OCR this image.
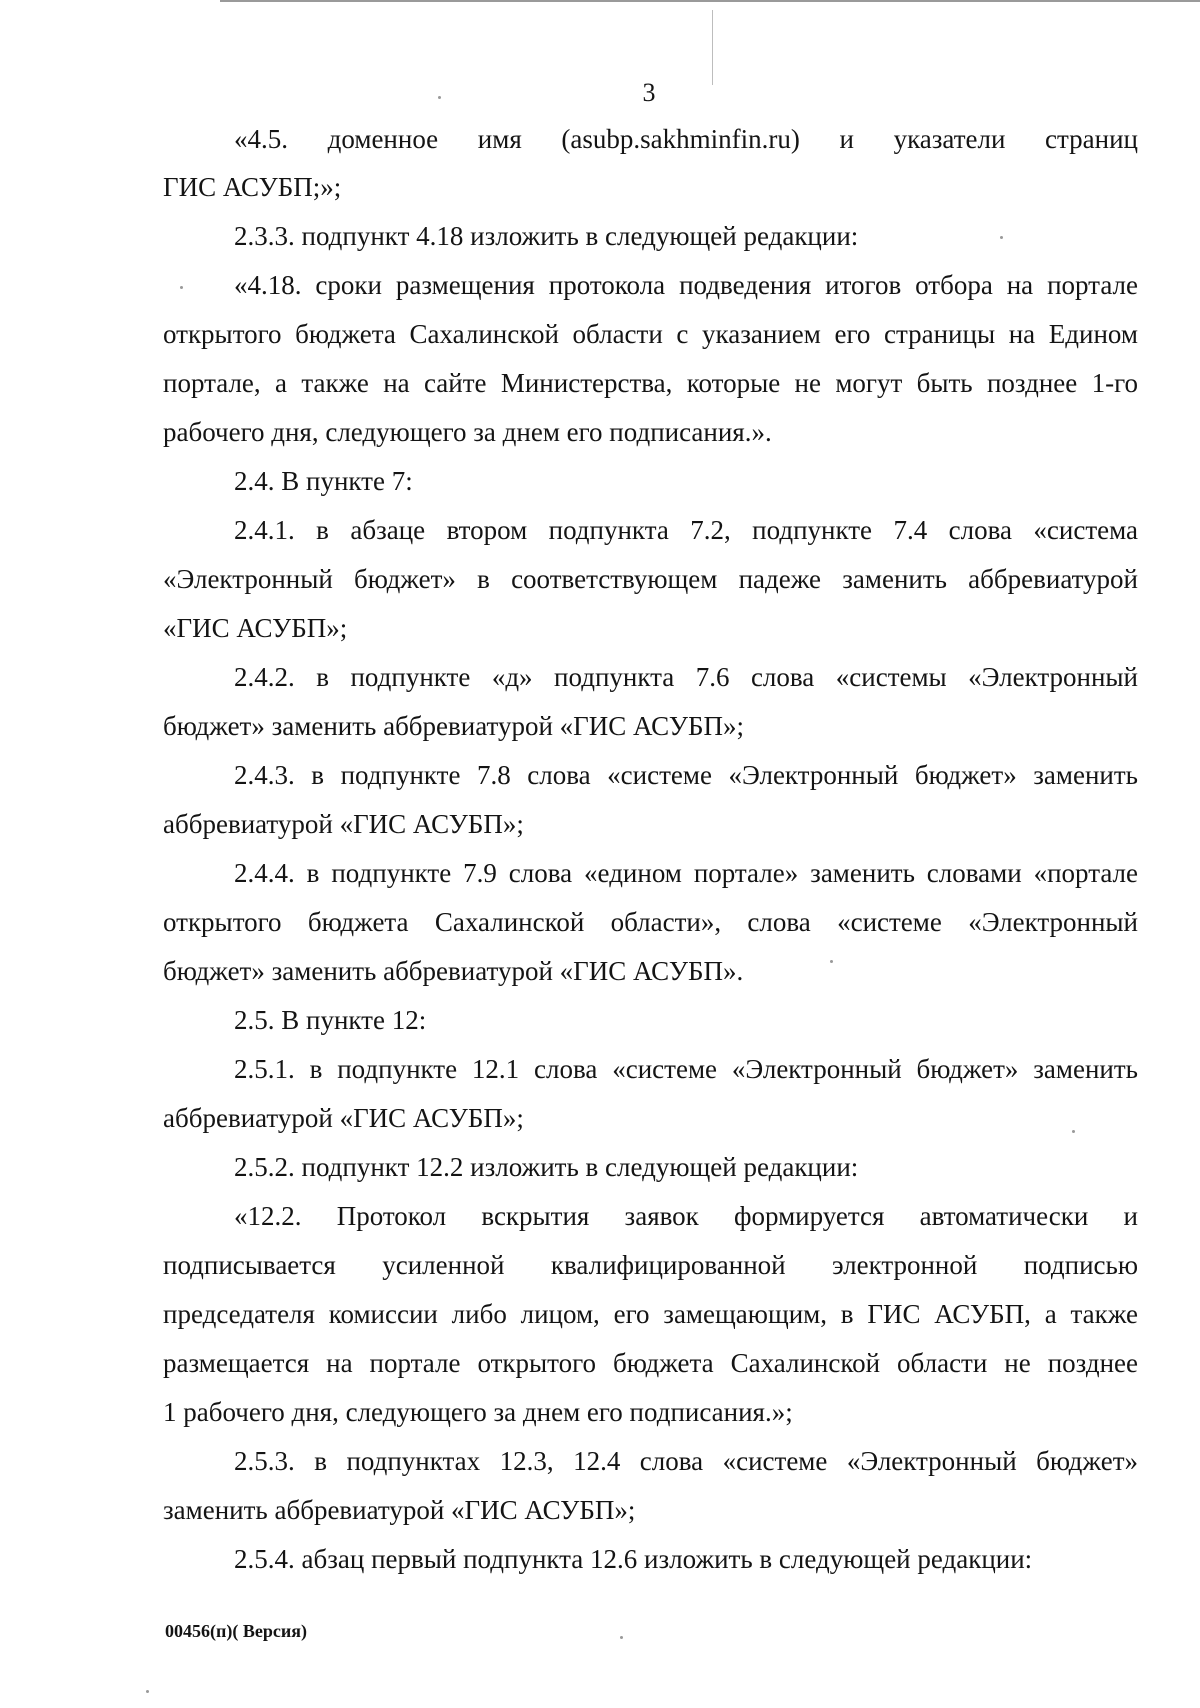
3
«4.5. доменное имя (asubp.sakhminfin.ru) и указатели страниц
ГИС АСУБП;»;
2.3.3. подпункт 4.18 изложить в следующей редакции:
«4.18. сроки размещения протокола подведения итогов отбора на портале
открытого бюджета Сахалинской области с указанием его страницы на Едином
портале, а также на сайте Министерства, которые не могут быть позднее 1-го
рабочего дня, следующего за днем его подписания.».
2.4. В пункте 7:
2.4.1. в абзаце втором подпункта 7.2, подпункте 7.4 слова «система
«Электронный бюджет» в соответствующем падеже заменить аббревиатурой
«ГИС АСУБП»;
2.4.2. в подпункте «д» подпункта 7.6 слова «системы «Электронный
бюджет» заменить аббревиатурой «ГИС АСУБП»;
2.4.3. в подпункте 7.8 слова «системе «Электронный бюджет» заменить
аббревиатурой «ГИС АСУБП»;
2.4.4. в подпункте 7.9 слова «едином портале» заменить словами «портале
открытого бюджета Сахалинской области», слова «системе «Электронный
бюджет» заменить аббревиатурой «ГИС АСУБП».
2.5. В пункте 12:
2.5.1. в подпункте 12.1 слова «системе «Электронный бюджет» заменить
аббревиатурой «ГИС АСУБП»;
2.5.2. подпункт 12.2 изложить в следующей редакции:
«12.2. Протокол вскрытия заявок формируется автоматически и
подписывается усиленной квалифицированной электронной подписью
председателя комиссии либо лицом, его замещающим, в ГИС АСУБП, а также
размещается на портале открытого бюджета Сахалинской области не позднее
1 рабочего дня, следующего за днем его подписания.»;
2.5.3. в подпунктах 12.3, 12.4 слова «системе «Электронный бюджет»
заменить аббревиатурой «ГИС АСУБП»;
2.5.4. абзац первый подпункта 12.6 изложить в следующей редакции:
00456(п)( Версия)
